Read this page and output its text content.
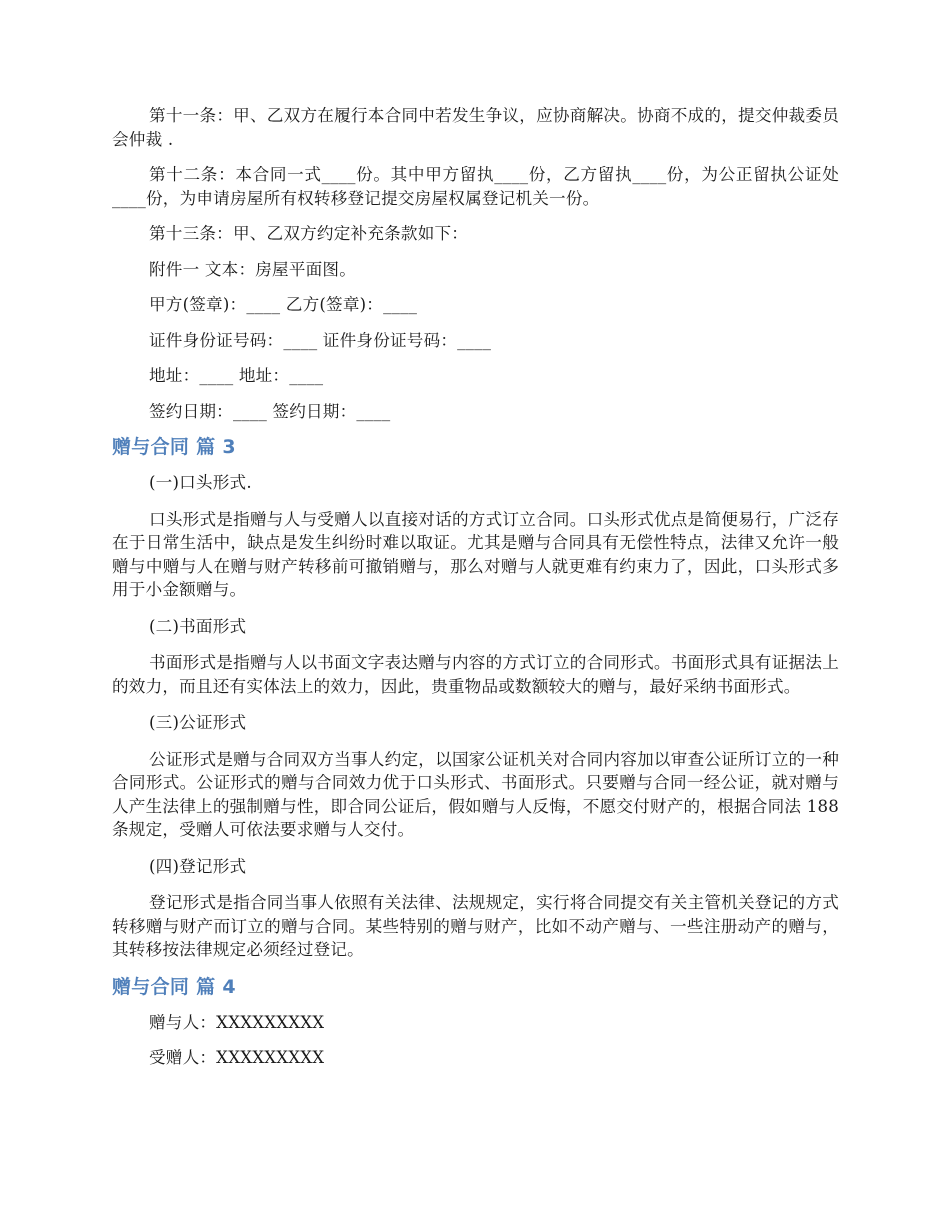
第十一条：甲、乙双方在履行本合同中若发生争议，应协商解决。协商不成的，提交仲裁委员会仲裁 .

第十二条：本合同一式____份。其中甲方留执____份，乙方留执____份，为公正留执公证处____份，为申请房屋所有权转移登记提交房屋权属登记机关一份。

第十三条：甲、乙双方约定补充条款如下：

附件一 文本：房屋平面图。

甲方(签章)：____ 乙方(签章)：____

证件身份证号码：____ 证件身份证号码：____

地址：____ 地址：____

签约日期：____ 签约日期：____

赠与合同 篇 3

(一)口头形式.

口头形式是指赠与人与受赠人以直接对话的方式订立合同。口头形式优点是简便易行，广泛存在于日常生活中，缺点是发生纠纷时难以取证。尤其是赠与合同具有无偿性特点，法律又允许一般赠与中赠与人在赠与财产转移前可撤销赠与，那么对赠与人就更难有约束力了，因此，口头形式多用于小金额赠与。

(二)书面形式

书面形式是指赠与人以书面文字表达赠与内容的方式订立的合同形式。书面形式具有证据法上的效力，而且还有实体法上的效力，因此，贵重物品或数额较大的赠与，最好采纳书面形式。

(三)公证形式

公证形式是赠与合同双方当事人约定，以国家公证机关对合同内容加以审查公证所订立的一种合同形式。公证形式的赠与合同效力优于口头形式、书面形式。只要赠与合同一经公证，就对赠与人产生法律上的强制赠与性，即合同公证后，假如赠与人反悔，不愿交付财产的，根据合同法 188 条规定，受赠人可依法要求赠与人交付。

(四)登记形式

登记形式是指合同当事人依照有关法律、法规规定，实行将合同提交有关主管机关登记的方式转移赠与财产而订立的赠与合同。某些特别的赠与财产，比如不动产赠与、一些注册动产的赠与，其转移按法律规定必须经过登记。

赠与合同 篇 4

赠与人：XXXXXXXXX

受赠人：XXXXXXXXX
